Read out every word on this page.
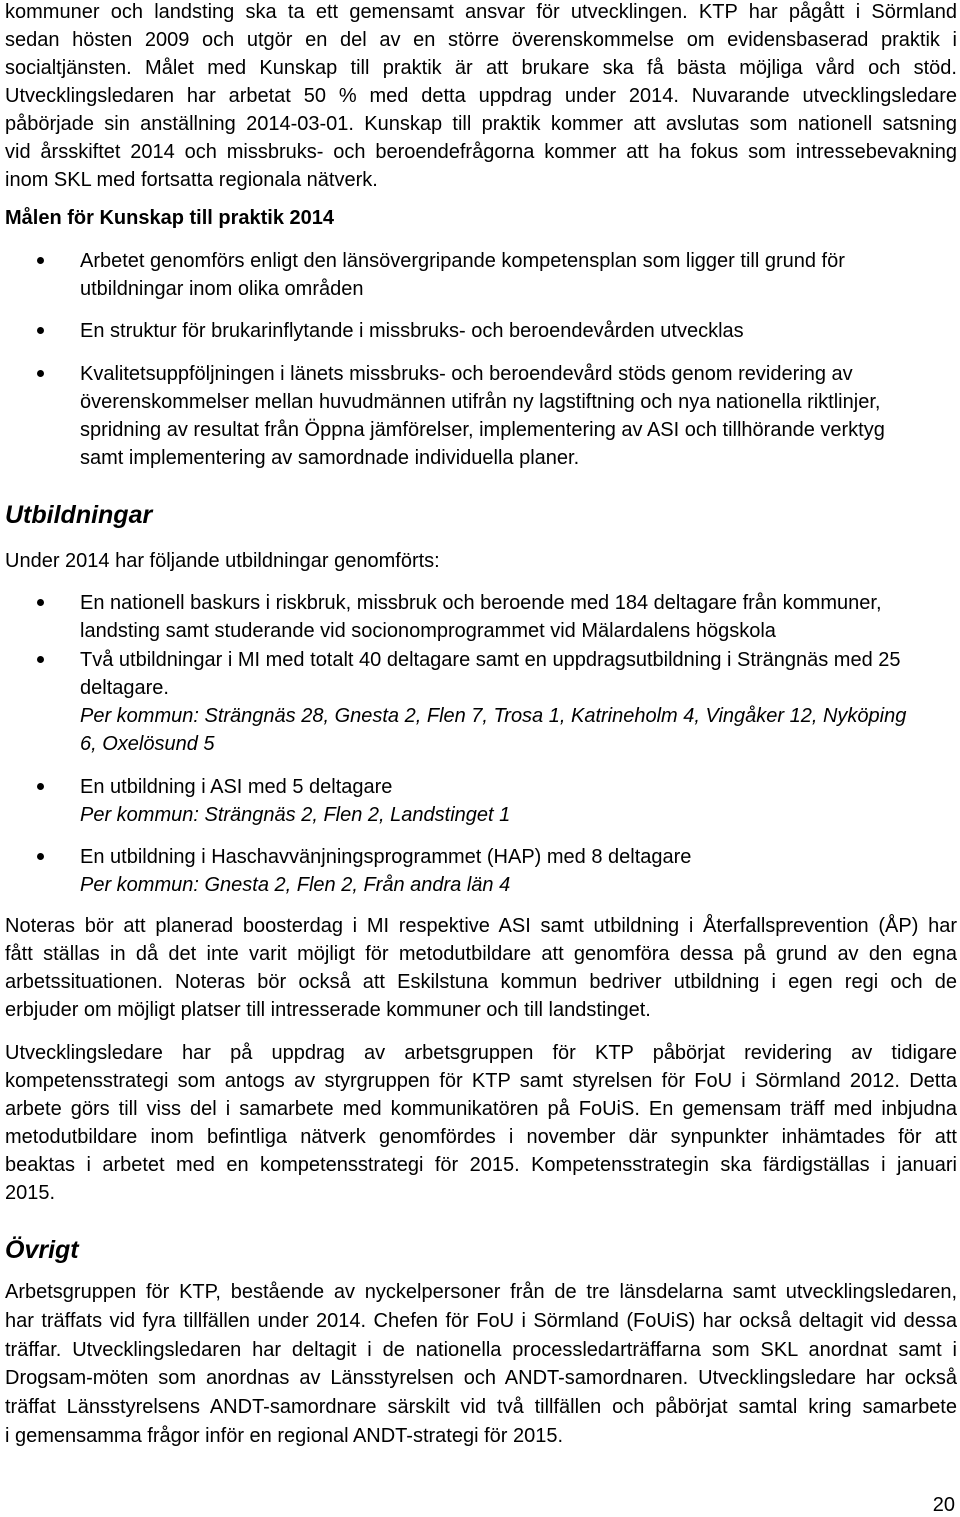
kommuner och landsting ska ta ett gemensamt ansvar för utvecklingen. KTP har pågått i Sörmland
sedan hösten 2009 och utgör en del av en större överenskommelse om evidensbaserad praktik i
socialtjänsten. Målet med Kunskap till praktik är att brukare ska få bästa möjliga vård och stöd.
Utvecklingsledaren har arbetat 50 % med detta uppdrag under 2014. Nuvarande utvecklingsledare
påbörjade sin anställning 2014-03-01. Kunskap till praktik kommer att avslutas som nationell satsning
vid årsskiftet 2014 och missbruks- och beroendefrågorna kommer att ha fokus som intressebevakning
inom SKL med fortsatta regionala nätverk.
Målen för Kunskap till praktik 2014
Arbetet genomförs enligt den länsövergripande kompetensplan som ligger till grund för
utbildningar inom olika områden
En struktur för brukarinflytande i missbruks- och beroendevården utvecklas
Kvalitetsuppföljningen i länets missbruks- och beroendevård stöds genom revidering av
överenskommelser mellan huvudmännen utifrån ny lagstiftning och nya nationella riktlinjer,
spridning av resultat från Öppna jämförelser, implementering av ASI och tillhörande verktyg
samt implementering av samordnade individuella planer.
Utbildningar
Under 2014 har följande utbildningar genomförts:
En nationell baskurs i riskbruk, missbruk och beroende med 184 deltagare från kommuner,
landsting samt studerande vid socionomprogrammet vid Mälardalens högskola
Två utbildningar i MI med totalt 40 deltagare samt en uppdragsutbildning i Strängnäs med 25
deltagare.
Per kommun: Strängnäs 28, Gnesta 2, Flen 7, Trosa 1, Katrineholm 4, Vingåker 12, Nyköping
6, Oxelösund 5
En utbildning i ASI med 5 deltagare
Per kommun: Strängnäs 2, Flen 2, Landstinget 1
En utbildning i Haschavvänjningsprogrammet (HAP) med 8 deltagare
Per kommun: Gnesta 2, Flen 2, Från andra län 4
Noteras bör att planerad boosterdag i MI respektive ASI samt utbildning i Återfallsprevention (ÅP) har
fått ställas in då det inte varit möjligt för metodutbildare att genomföra dessa på grund av den egna
arbetssituationen. Noteras bör också att Eskilstuna kommun bedriver utbildning i egen regi och de
erbjuder om möjligt platser till intresserade kommuner och till landstinget.
Utvecklingsledare har på uppdrag av arbetsgruppen för KTP påbörjat revidering av tidigare
kompetensstrategi som antogs av styrgruppen för KTP samt styrelsen för FoU i Sörmland 2012. Detta
arbete görs till viss del i samarbete med kommunikatören på FoUiS. En gemensam träff med inbjudna
metodutbildare inom befintliga nätverk genomfördes i november där synpunkter inhämtades för att
beaktas i arbetet med en kompetensstrategi för 2015. Kompetensstrategin ska färdigställas i januari
2015.
Övrigt
Arbetsgruppen för KTP, bestående av nyckelpersoner från de tre länsdelarna samt utvecklingsledaren,
har träffats vid fyra tillfällen under 2014. Chefen för FoU i Sörmland (FoUiS) har också deltagit vid dessa
träffar. Utvecklingsledaren har deltagit i de nationella processledarträffarna som SKL anordnat samt i
Drogsam-möten som anordnas av Länsstyrelsen och ANDT-samordnaren. Utvecklingsledare har också
träffat Länsstyrelsens ANDT-samordnare särskilt vid två tillfällen och påbörjat samtal kring samarbete
i gemensamma frågor inför en regional ANDT-strategi för 2015.
20
